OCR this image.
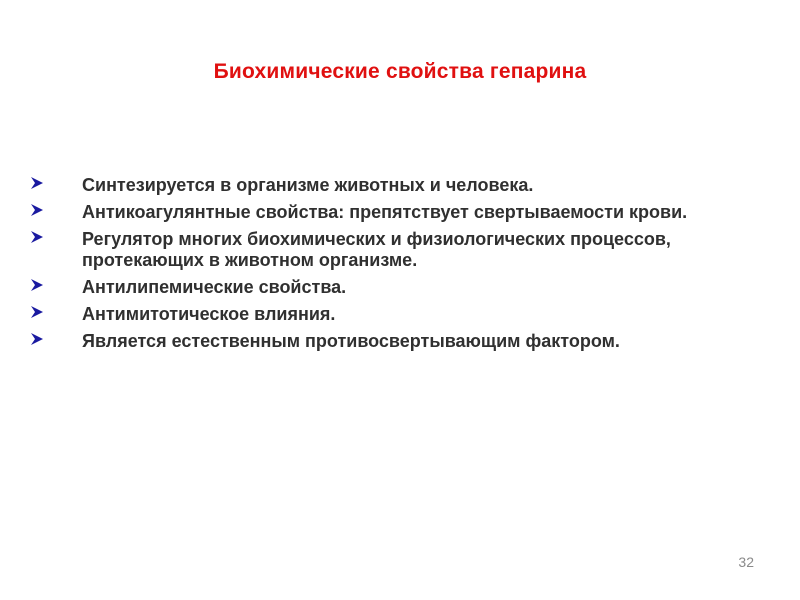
Биохимические свойства гепарина
Синтезируется в организме животных и человека.
Антикоагулянтные свойства: препятствует свертываемости крови.
Регулятор многих биохимических и физиологических процессов, протекающих в животном организме.
Антилипемические свойства.
Антимитотическое влияния.
Является естественным противосвертывающим фактором.
32
